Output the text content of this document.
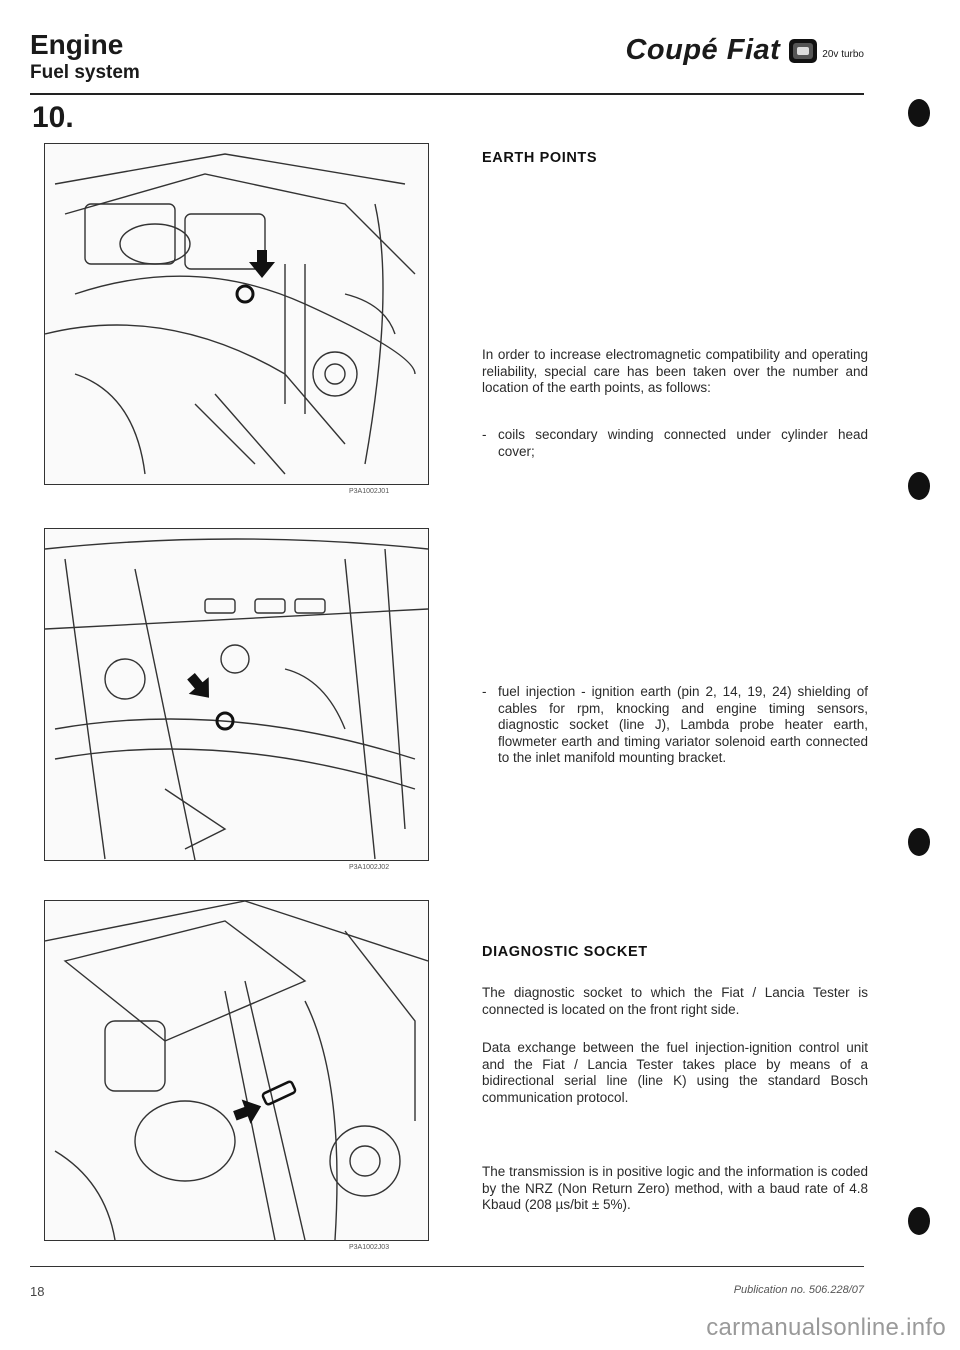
Engine
Fuel system
Coupé Fiat	20v turbo
10.
P3A1002J01
P3A1002J02
P3A1002J03
EARTH POINTS

In order to increase electromagnetic compatibility and operating reliability, special care has been taken over the number and location of the earth points, as follows:

- coils secondary winding connected under cylinder head cover;
- fuel injection - ignition earth (pin 2, 14, 19, 24) shielding of cables for rpm, knocking and engine timing sensors, diagnostic socket (line J), Lambda probe heater earth, flowmeter earth and timing variator solenoid earth connected to the inlet manifold mounting bracket.
DIAGNOSTIC SOCKET

The diagnostic socket to which the Fiat / Lancia Tester is connected is located on the front right side.

Data exchange between the fuel injection-ignition control unit and the Fiat / Lancia Tester takes place by means of a bidirectional serial line (line K) using the standard Bosch communication protocol.

The transmission is in positive logic and the information is coded by the NRZ (Non Return Zero) method, with a baud rate of 4.8 Kbaud (208 µs/bit ± 5%).

18	Publication no. 506.228/07
carmanualsonline.info
